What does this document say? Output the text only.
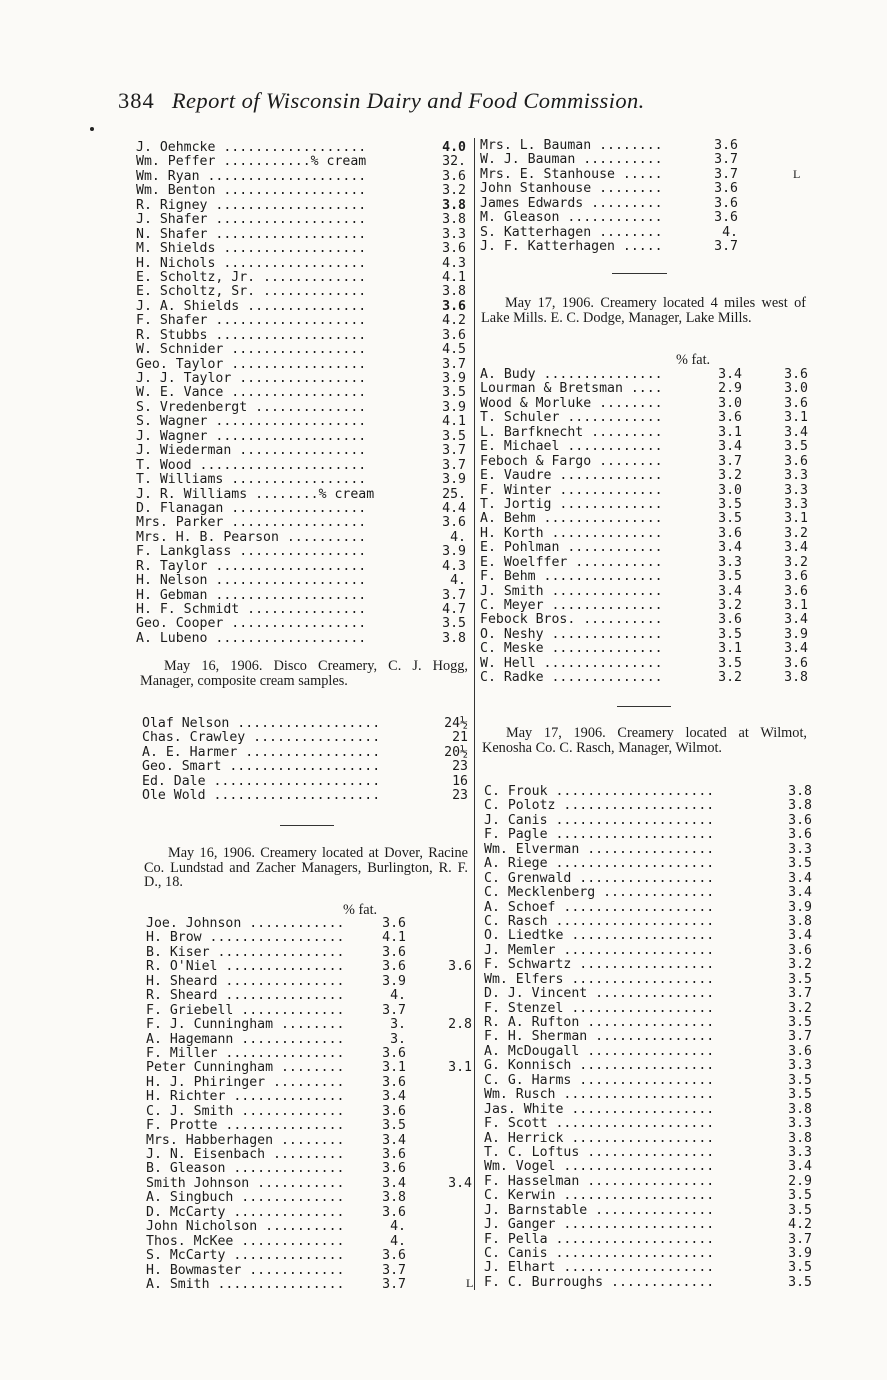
384 Report of Wisconsin Dairy and Food Commission.
J. Oehmcke ..................	4.0
Wm. Peffer ...........% cream	32.
Wm. Ryan ....................	3.6
Wm. Benton ..................	3.2
R. Rigney ...................	3.8
J. Shafer ...................	3.8
N. Shafer ...................	3.3
M. Shields ..................	3.6
H. Nichols ..................	4.3
E. Scholtz, Jr. .............	4.1
E. Scholtz, Sr. .............	3.8
J. A. Shields ...............	3.6
F. Shafer ...................	4.2
R. Stubbs ...................	3.6
W. Schnider .................	4.5
Geo. Taylor .................	3.7
J. J. Taylor ................	3.9
W. E. Vance .................	3.5
S. Vredenbergt ..............	3.9
S. Wagner ...................	4.1
J. Wagner ...................	3.5
J. Wiederman ................	3.7
T. Wood .....................	3.7
T. Williams .................	3.9
J. R. Williams ........% cream	25.
D. Flanagan .................	4.4
Mrs. Parker .................	3.6
Mrs. H. B. Pearson ..........	4.
F. Lankglass ................	3.9
R. Taylor ...................	4.3
H. Nelson ...................	4.
H. Gebman ...................	3.7
H. F. Schmidt ...............	4.7
Geo. Cooper .................	3.5
A. Lubeno ...................	3.8
May 16, 1906. Disco Creamery, C. J. Hogg, Manager, composite cream samples.
Olaf Nelson ..................	24½
Chas. Crawley ................	21
A. E. Harmer .................	20½
Geo. Smart ...................	23
Ed. Dale .....................	16
Ole Wold .....................	23
May 16, 1906. Creamery located at Dover, Racine Co. Lundstad and Zacher Managers, Burlington, R. F. D., 18.
% fat.
Joe. Johnson ............	3.6
H. Brow .................	4.1
B. Kiser ................	3.6
R. O'Niel ...............	3.6	3.6
H. Sheard ...............	3.9
R. Sheard ...............	4.
F. Griebell .............	3.7
F. J. Cunningham ........	3.	2.8
A. Hagemann .............	3.
F. Miller ...............	3.6
Peter Cunningham ........	3.1	3.1
H. J. Phiringer .........	3.6
H. Richter ..............	3.4
C. J. Smith .............	3.6
F. Protte ...............	3.5
Mrs. Habberhagen ........	3.4
J. N. Eisenbach .........	3.6
B. Gleason ..............	3.6
Smith Johnson ...........	3.4	3.4
A. Singbuch .............	3.8
D. McCarty ..............	3.6
John Nicholson ..........	4.
Thos. McKee .............	4.
S. McCarty ..............	3.6
H. Bowmaster ............	3.7
A. Smith ................	3.7	L
Mrs. L. Bauman ........	3.6
W. J. Bauman ..........	3.7
Mrs. E. Stanhouse .....	3.7
John Stanhouse ........	3.6
James Edwards .........	3.6
M. Gleason ............	3.6
S. Katterhagen ........	4.
J. F. Katterhagen .....	3.7
L
May 17, 1906. Creamery located 4 miles west of Lake Mills. E. C. Dodge, Manager, Lake Mills.
% fat.
A. Budy ...............	3.4	3.6
Lourman & Bretsman ....	2.9	3.0
Wood & Morluke ........	3.0	3.6
T. Schuler ............	3.6	3.1
L. Barfknecht .........	3.1	3.4
E. Michael ............	3.4	3.5
Feboch & Fargo ........	3.7	3.6
E. Vaudre .............	3.2	3.3
F. Winter .............	3.0	3.3
T. Jortig .............	3.5	3.3
A. Behm ...............	3.5	3.1
H. Korth ..............	3.6	3.2
E. Pohlman ............	3.4	3.4
E. Woelffer ...........	3.3	3.2
F. Behm ...............	3.5	3.6
J. Smith ..............	3.4	3.6
C. Meyer ..............	3.2	3.1
Febock Bros. ..........	3.6	3.4
O. Neshy ..............	3.5	3.9
C. Meske ..............	3.1	3.4
W. Hell ...............	3.5	3.6
C. Radke ..............	3.2	3.8
May 17, 1906. Creamery located at Wilmot, Kenosha Co. C. Rasch, Manager, Wilmot.
C. Frouk ....................	3.8
C. Polotz ...................	3.8
J. Canis ....................	3.6
F. Pagle ....................	3.6
Wm. Elverman ................	3.3
A. Riege ....................	3.5
C. Grenwald .................	3.4
C. Mecklenberg ..............	3.4
A. Schoef ...................	3.9
C. Rasch ....................	3.8
O. Liedtke ..................	3.4
J. Memler ...................	3.6
F. Schwartz .................	3.2
Wm. Elfers ..................	3.5
D. J. Vincent ...............	3.7
F. Stenzel ..................	3.2
R. A. Rufton ................	3.5
F. H. Sherman ...............	3.7
A. McDougall ................	3.6
G. Konnisch .................	3.3
C. G. Harms .................	3.5
Wm. Rusch ...................	3.5
Jas. White ..................	3.8
F. Scott ....................	3.3
A. Herrick ..................	3.8
T. C. Loftus ................	3.3
Wm. Vogel ...................	3.4
F. Hasselman ................	2.9
C. Kerwin ...................	3.5
J. Barnstable ...............	3.5
J. Ganger ...................	4.2
F. Pella ....................	3.7
C. Canis ....................	3.9
J. Elhart ...................	3.5
F. C. Burroughs .............	3.5
